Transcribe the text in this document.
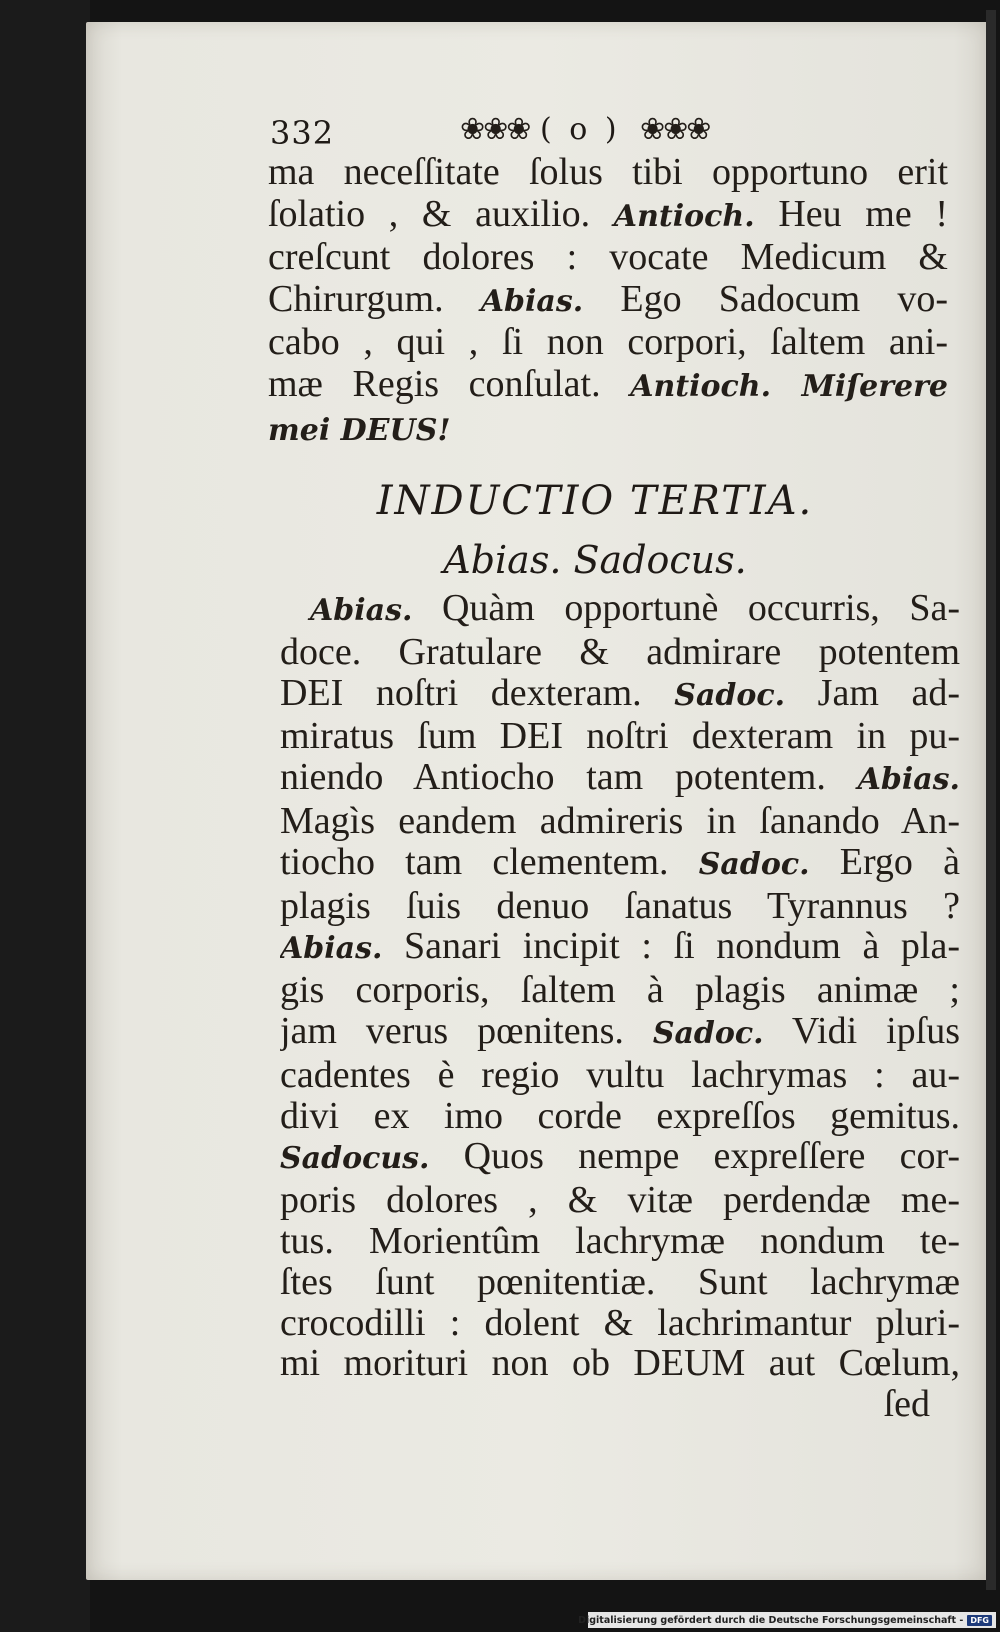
332	❀❀❀ ( o ) ❀❀❀
ma neceſſitate ſolus tibi opportuno erit
ſolatio , & auxilio. Antioch. Heu me !
creſcunt dolores : vocate Medicum &
Chirurgum. Abias. Ego Sadocum vo-
cabo , qui , ſi non corpori, ſaltem ani-
mæ Regis conſulat. Antioch. Miſerere
mei DEUS!
INDUCTIO TERTIA.
Abias. Sadocus.
Abias. Quàm opportunè occurris, Sa-
doce. Gratulare & admirare potentem
DEI noſtri dexteram. Sadoc. Jam ad-
miratus ſum DEI noſtri dexteram in pu-
niendo Antiocho tam potentem. Abias.
Magìs eandem admireris in ſanando An-
tiocho tam clementem. Sadoc. Ergo à
plagis ſuis denuo ſanatus Tyrannus ?
Abias. Sanari incipit : ſi nondum à pla-
gis corporis, ſaltem à plagis animæ ;
jam verus pœnitens. Sadoc. Vidi ipſus
cadentes è regio vultu lachrymas : au-
divi ex imo corde expreſſos gemitus.
Sadocus. Quos nempe expreſſere cor-
poris dolores , & vitæ perdendæ me-
tus. Morientûm lachrymæ nondum te-
ſtes ſunt pœnitentiæ. Sunt lachrymæ
crocodilli : dolent & lachrimantur pluri-
mi morituri non ob DEUM aut Cœlum,
ſed
Digitalisierung gefördert durch die Deutsche Forschungsgemeinschaft - DFG
